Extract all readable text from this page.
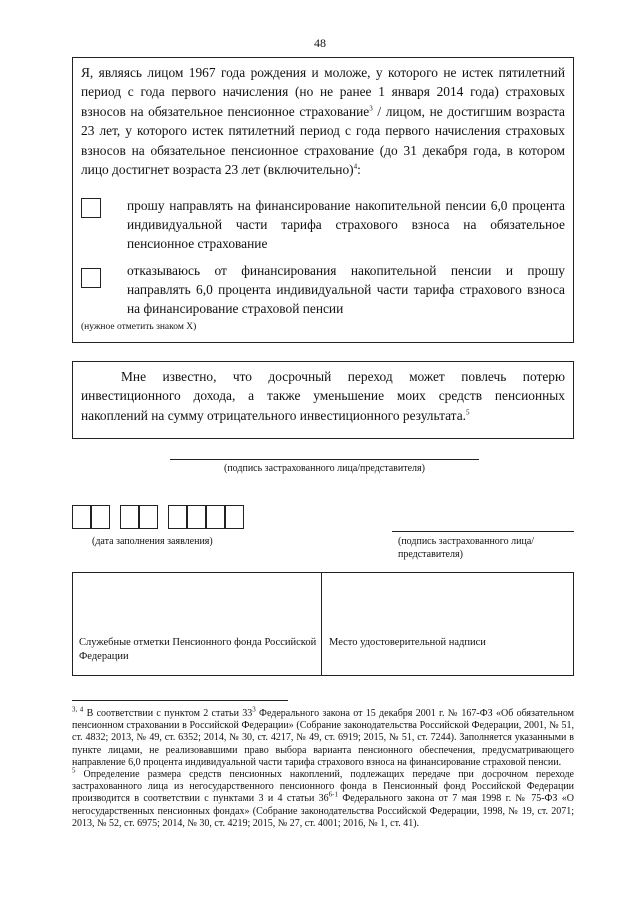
48
Я, являясь лицом 1967 года рождения и моложе, у которого не истек пятилетний период с года первого начисления (но не ранее 1 января 2014 года) страховых взносов на обязательное пенсионное страхование$^3$ / лицом, не достигшим возраста 23 лет, у которого истек пятилетний период с года первого начисления страховых взносов на обязательное пенсионное страхование (до 31 декабря года, в котором лицо достигнет возраста 23 лет (включительно)$^4$:
прошу направлять на финансирование накопительной пенсии 6,0 процента индивидуальной части тарифа страхового взноса на обязательное пенсионное страхование
отказываюсь от финансирования накопительной пенсии и прошу направлять 6,0 процента индивидуальной части тарифа страхового взноса на финансирование страховой пенсии
(нужное отметить знаком X)
Мне известно, что досрочный переход может повлечь потерю инвестиционного дохода, а также уменьшение моих средств пенсионных накоплений на сумму отрицательного инвестиционного результата.$^5$
(подпись застрахованного лица/представителя)
(дата заполнения заявления)	(подпись застрахованного лица/ представителя)
Служебные отметки Пенсионного фонда Российской Федерации
Место удостоверительной надписи

$^{3, 4}$ В соответствии с пунктом 2 статьи $33^3$ Федерального закона от 15 декабря 2001 г. № 167-ФЗ «Об обязательном пенсионном страховании в Российской Федерации» (Собрание законодательства Российской Федерации, 2001, № 51, ст. 4832; 2013, № 49, ст. 6352; 2014, № 30, ст. 4217, № 49, ст. 6919; 2015, № 51, ст. 7244). Заполняется указанными в пункте лицами, не реализовавшими право выбора варианта пенсионного обеспечения, предусматривающего направление 6,0 процента индивидуальной части тарифа страхового взноса на финансирование страховой пенсии.

$^5$ Определение размера средств пенсионных накоплений, подлежащих передаче при досрочном переходе застрахованного лица из негосударственного пенсионного фонда в Пенсионный фонд Российской Федерации производится в соответствии с пунктами 3 и 4 статьи 36$^{6-1}$ Федерального закона от 7 мая 1998 г. № 75-ФЗ «О негосударственных пенсионных фондах» (Собрание законодательства Российской Федерации, 1998, № 19, ст. 2071; 2013, № 52, ст. 6975; 2014, № 30, ст. 4219; 2015, № 27, ст. 4001; 2016, № 1, ст. 41).
